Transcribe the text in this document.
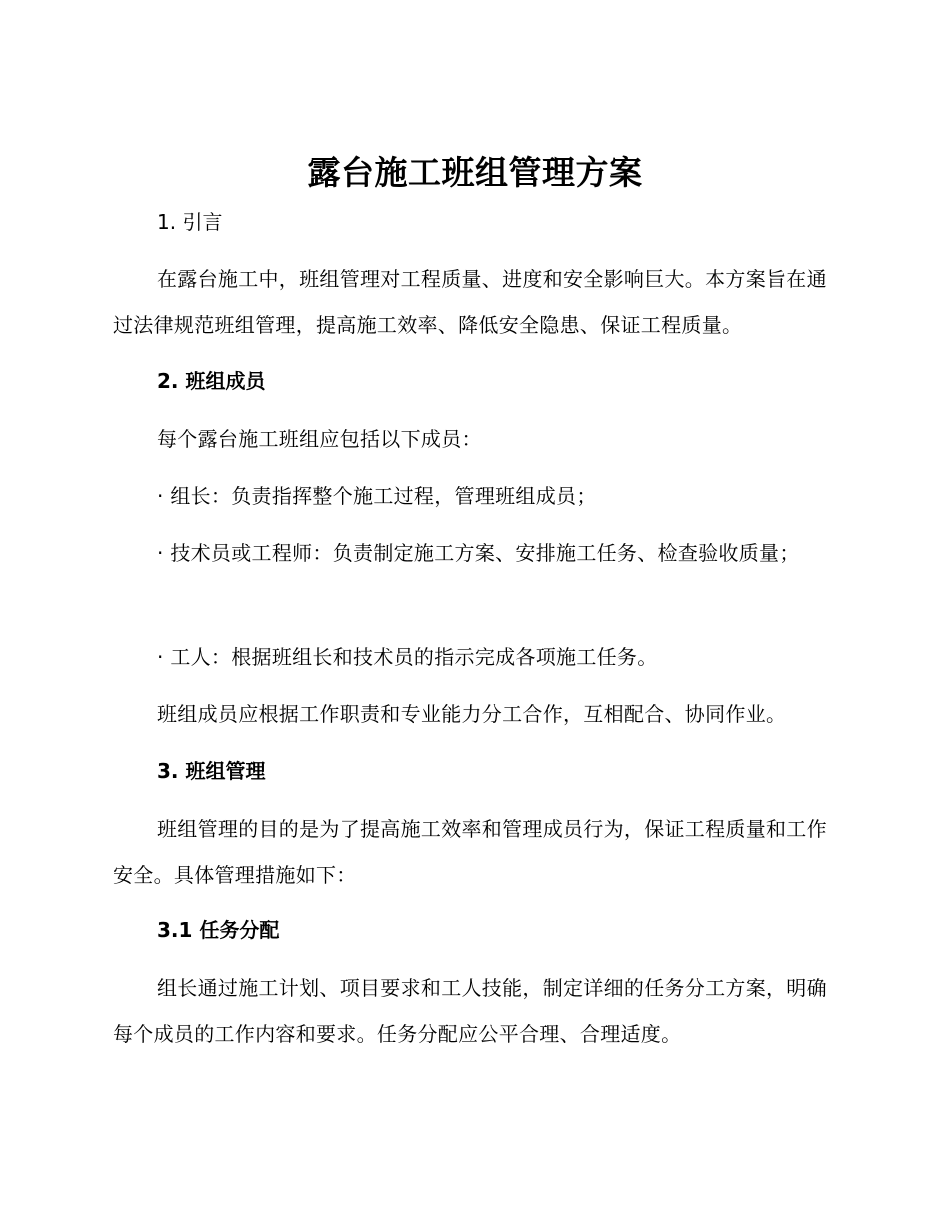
露台施工班组管理方案
1. 引言
在露台施工中，班组管理对工程质量、进度和安全影响巨大。本方案旨在通过法律规范班组管理，提高施工效率、降低安全隐患、保证工程质量。
2. 班组成员
每个露台施工班组应包括以下成员：
· 组长：负责指挥整个施工过程，管理班组成员；
· 技术员或工程师：负责制定施工方案、安排施工任务、检查验收质量；
· 工人：根据班组长和技术员的指示完成各项施工任务。
班组成员应根据工作职责和专业能力分工合作，互相配合、协同作业。
3. 班组管理
班组管理的目的是为了提高施工效率和管理成员行为，保证工程质量和工作安全。具体管理措施如下：
3.1 任务分配
组长通过施工计划、项目要求和工人技能，制定详细的任务分工方案，明确每个成员的工作内容和要求。任务分配应公平合理、合理适度。
